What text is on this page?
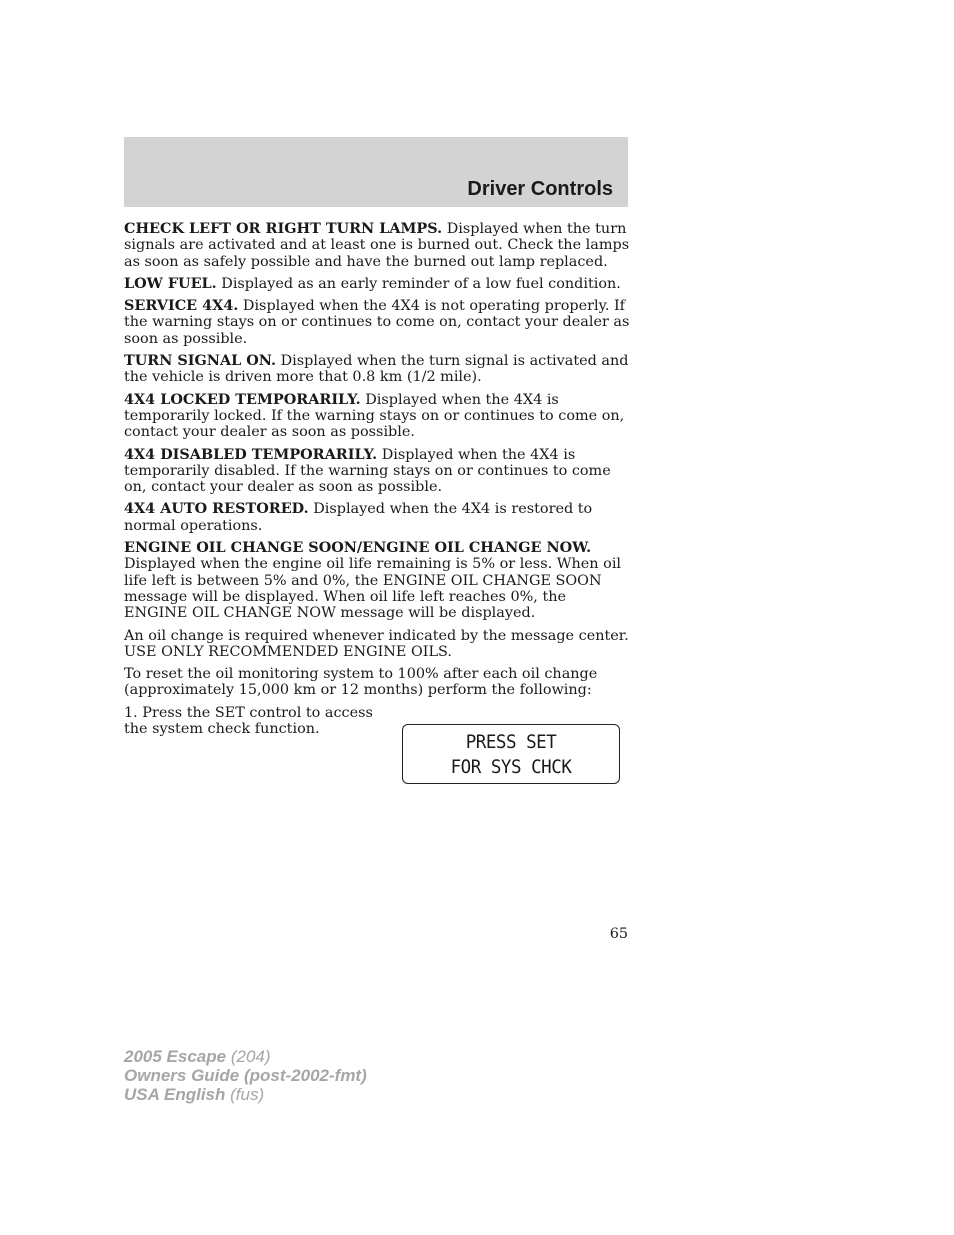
Driver Controls

CHECK LEFT OR RIGHT TURN LAMPS. Displayed when the turn signals are activated and at least one is burned out. Check the lamps as soon as safely possible and have the burned out lamp replaced.

LOW FUEL. Displayed as an early reminder of a low fuel condition.

SERVICE 4X4. Displayed when the 4X4 is not operating properly. If the warning stays on or continues to come on, contact your dealer as soon as possible.

TURN SIGNAL ON. Displayed when the turn signal is activated and the vehicle is driven more that 0.8 km (1/2 mile).

4X4 LOCKED TEMPORARILY. Displayed when the 4X4 is temporarily locked. If the warning stays on or continues to come on, contact your dealer as soon as possible.

4X4 DISABLED TEMPORARILY. Displayed when the 4X4 is temporarily disabled. If the warning stays on or continues to come on, contact your dealer as soon as possible.

4X4 AUTO RESTORED. Displayed when the 4X4 is restored to normal operations.

ENGINE OIL CHANGE SOON/ENGINE OIL CHANGE NOW.
Displayed when the engine oil life remaining is 5% or less. When oil life left is between 5% and 0%, the ENGINE OIL CHANGE SOON message will be displayed. When oil life left reaches 0%, the ENGINE OIL CHANGE NOW message will be displayed.

An oil change is required whenever indicated by the message center. USE ONLY RECOMMENDED ENGINE OILS.

To reset the oil monitoring system to 100% after each oil change (approximately 15,000 km or 12 months) perform the following:

1. Press the SET control to access the system check function.

PRESS SET
FOR SYS CHCK
65
2005 Escape (204)
Owners Guide (post-2002-fmt)
USA English (fus)
